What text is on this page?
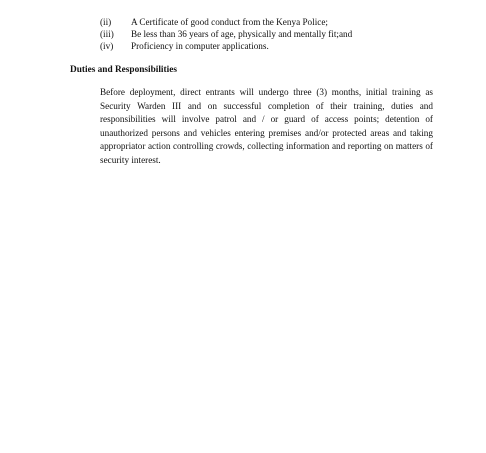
(ii)	A Certificate of good conduct from the Kenya Police;
(iii)	Be less than 36 years of age, physically and mentally fit;and
(iv)	Proficiency in computer applications.
Duties and Responsibilities

Before deployment, direct entrants will undergo three (3) months, initial training as Security Warden III and on successful completion of their training, duties and responsibilities will involve patrol and / or guard of access points; detention of unauthorized persons and vehicles entering premises and/or protected areas and taking appropriator action controlling crowds, collecting information and reporting on matters of security interest.
